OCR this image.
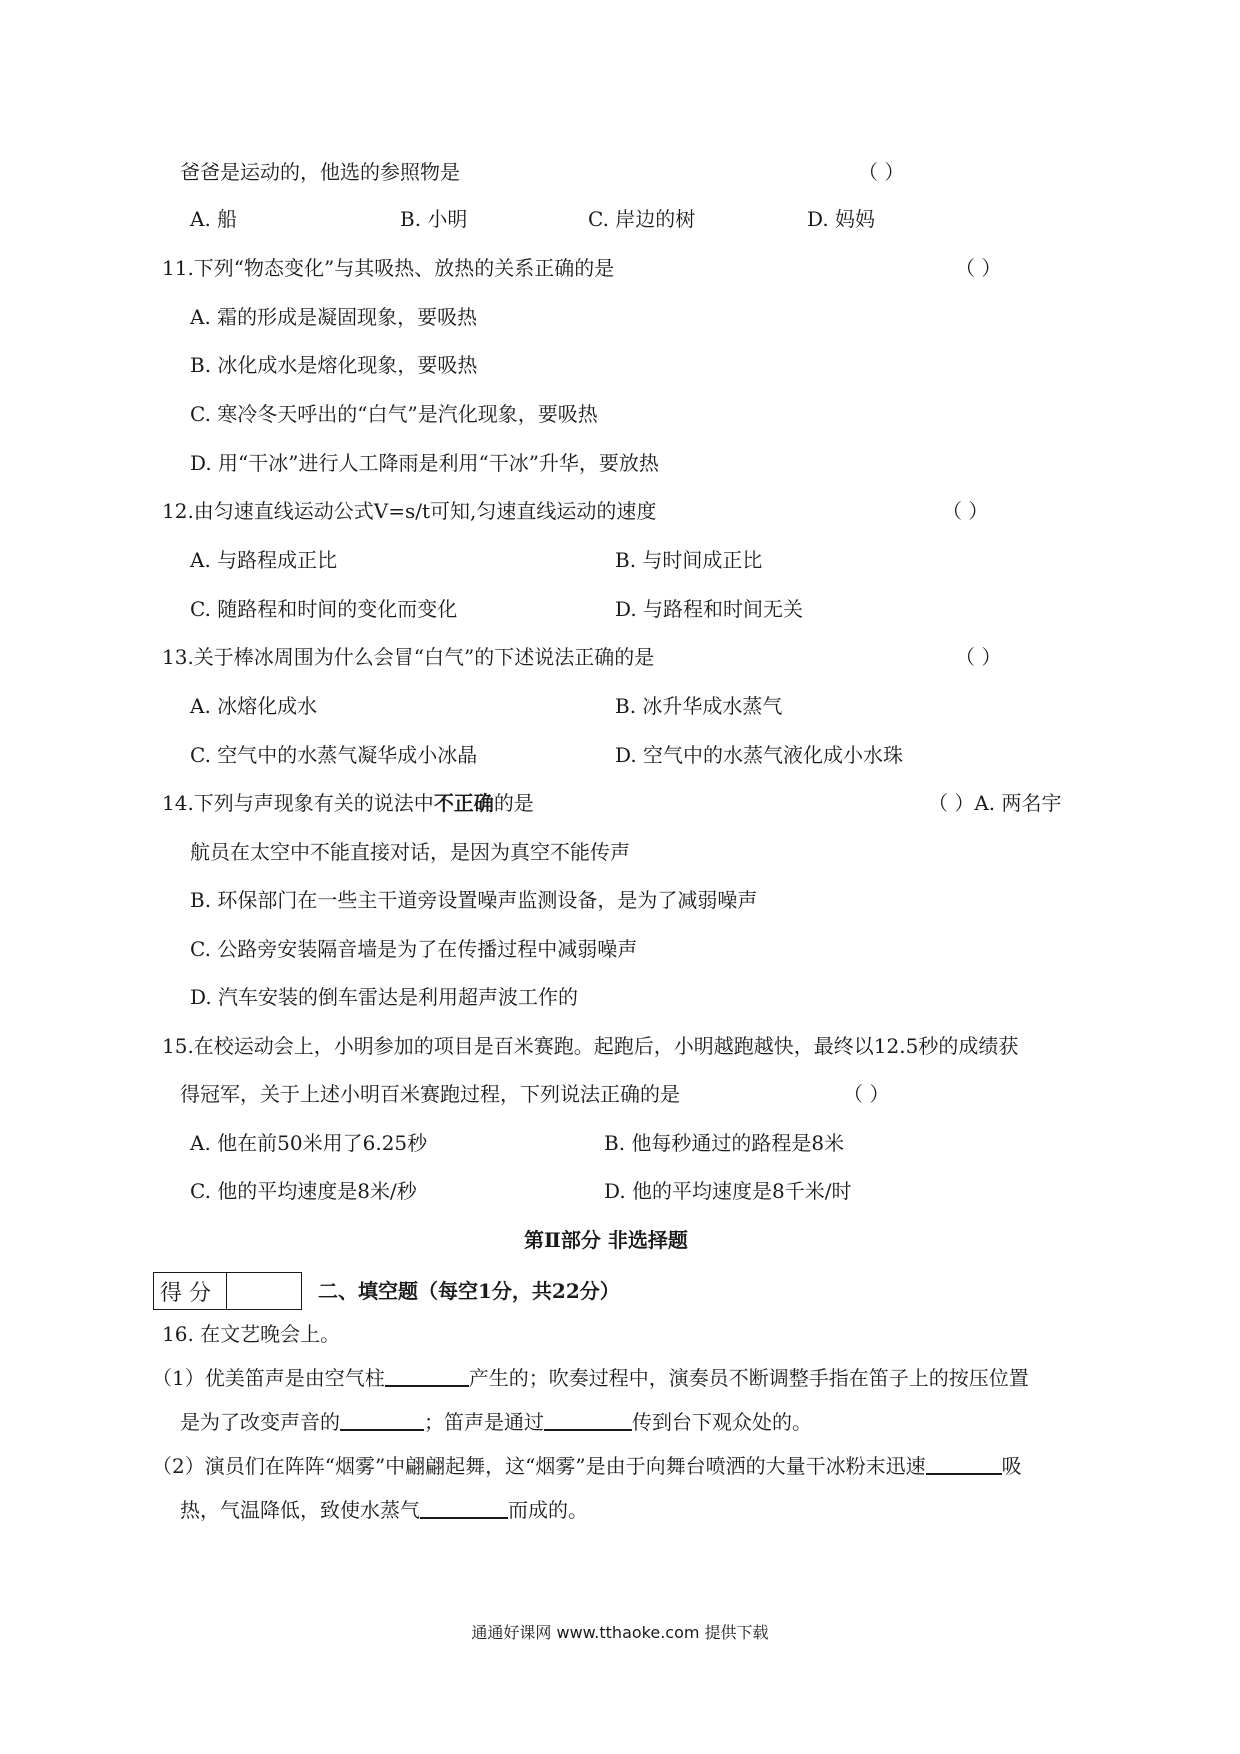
爸爸是运动的，他选的参照物是	（ ）
A. 船	B. 小明	C. 岸边的树	D. 妈妈
11.下列“物态变化”与其吸热、放热的关系正确的是	（ ）
A. 霜的形成是凝固现象，要吸热
B. 冰化成水是熔化现象，要吸热
C. 寒冷冬天呼出的“白气”是汽化现象，要吸热
D. 用“干冰”进行人工降雨是利用“干冰”升华，要放热
12.由匀速直线运动公式V=s/t可知,匀速直线运动的速度	（ ）
A. 与路程成正比	B. 与时间成正比
C. 随路程和时间的变化而变化	D. 与路程和时间无关
13.关于棒冰周围为什么会冒“白气”的下述说法正确的是	（ ）
A. 冰熔化成水	B. 冰升华成水蒸气
C. 空气中的水蒸气凝华成小冰晶	D. 空气中的水蒸气液化成小水珠
14.下列与声现象有关的说法中不正确的是	（ ）A. 两名宇
航员在太空中不能直接对话，是因为真空不能传声
B. 环保部门在一些主干道旁设置噪声监测设备，是为了减弱噪声
C. 公路旁安装隔音墙是为了在传播过程中减弱噪声
D. 汽车安装的倒车雷达是利用超声波工作的
15.在校运动会上，小明参加的项目是百米赛跑。起跑后，小明越跑越快，最终以12.5秒的成绩获
得冠军，关于上述小明百米赛跑过程，下列说法正确的是	（ ）
A. 他在前50米用了6.25秒	B. 他每秒通过的路程是8米
C. 他的平均速度是8米/秒	D. 他的平均速度是8千米/时
第Ⅱ部分 非选择题
得 分		二、填空题（每空1分，共22分）
16. 在文艺晚会上。
（1）优美笛声是由空气柱	产生的；吹奏过程中，演奏员不断调整手指在笛子上的按压位置
是为了改变声音的	；笛声是通过	传到台下观众处的。
（2）演员们在阵阵“烟雾”中翩翩起舞，这“烟雾”是由于向舞台喷洒的大量干冰粉末迅速	吸
热，气温降低，致使水蒸气	而成的。
通通好课网 www.tthaoke.com 提供下载
